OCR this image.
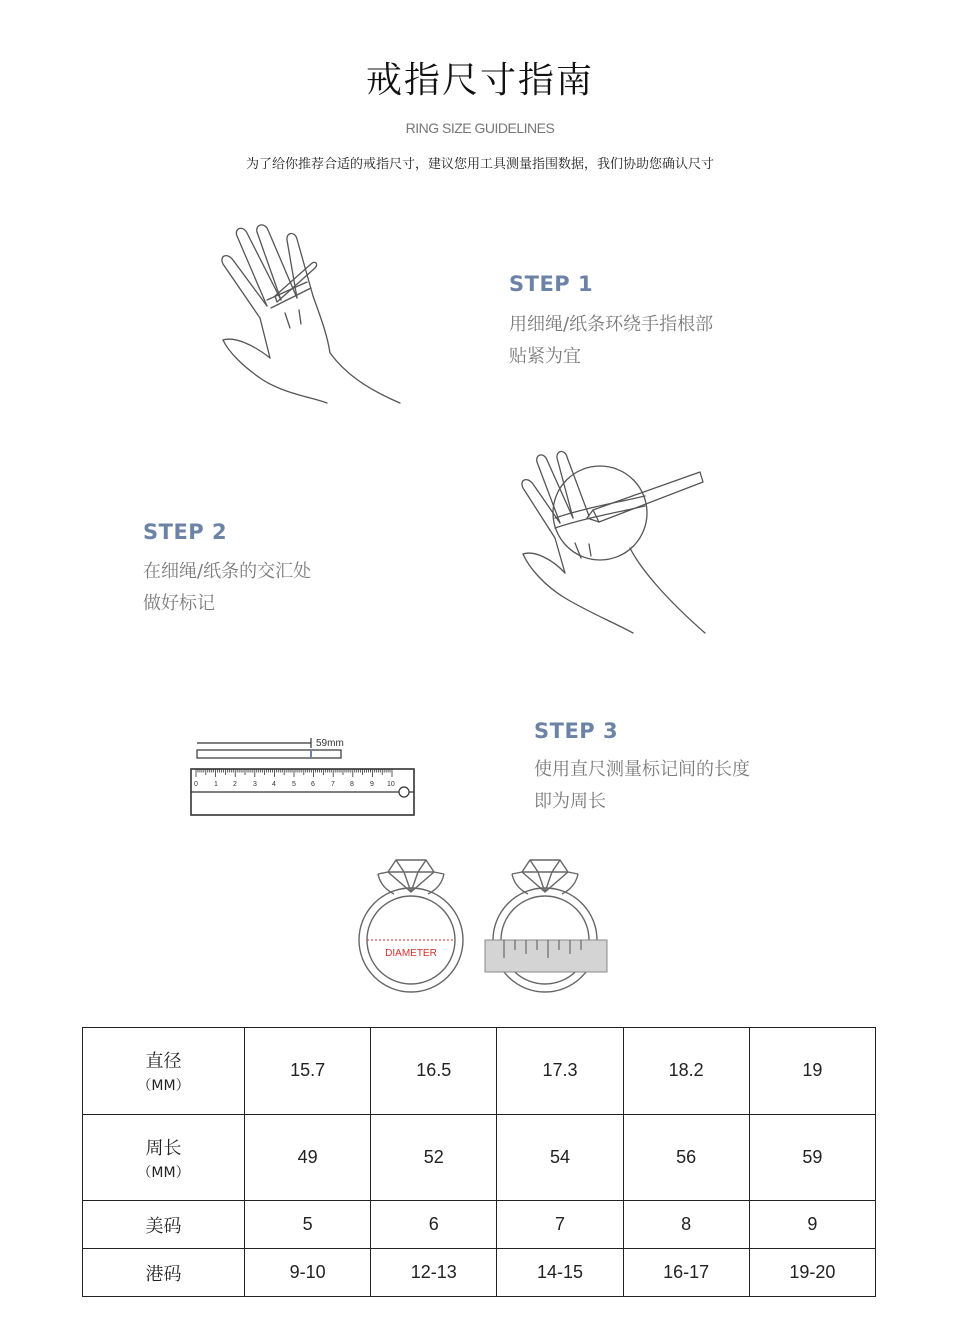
戒指尺寸指南
RING SIZE GUIDELINES
为了给你推荐合适的戒指尺寸，建议您用工具测量指围数据，我们协助您确认尺寸
STEP 1
用细绳/纸条环绕手指根部
贴紧为宜
STEP 2
在细绳/纸条的交汇处
做好标记
59mm
0 1 2 3 4 5 6 7 8 9 10
STEP 3
使用直尺测量标记间的长度
即为周长
DIAMETER
直径
（MM）	15.7	16.5	17.3	18.2	19
周长
（MM）	49	52	54	56	59
美码	5	6	7	8	9
港码	9-10	12-13	14-15	16-17	19-20
